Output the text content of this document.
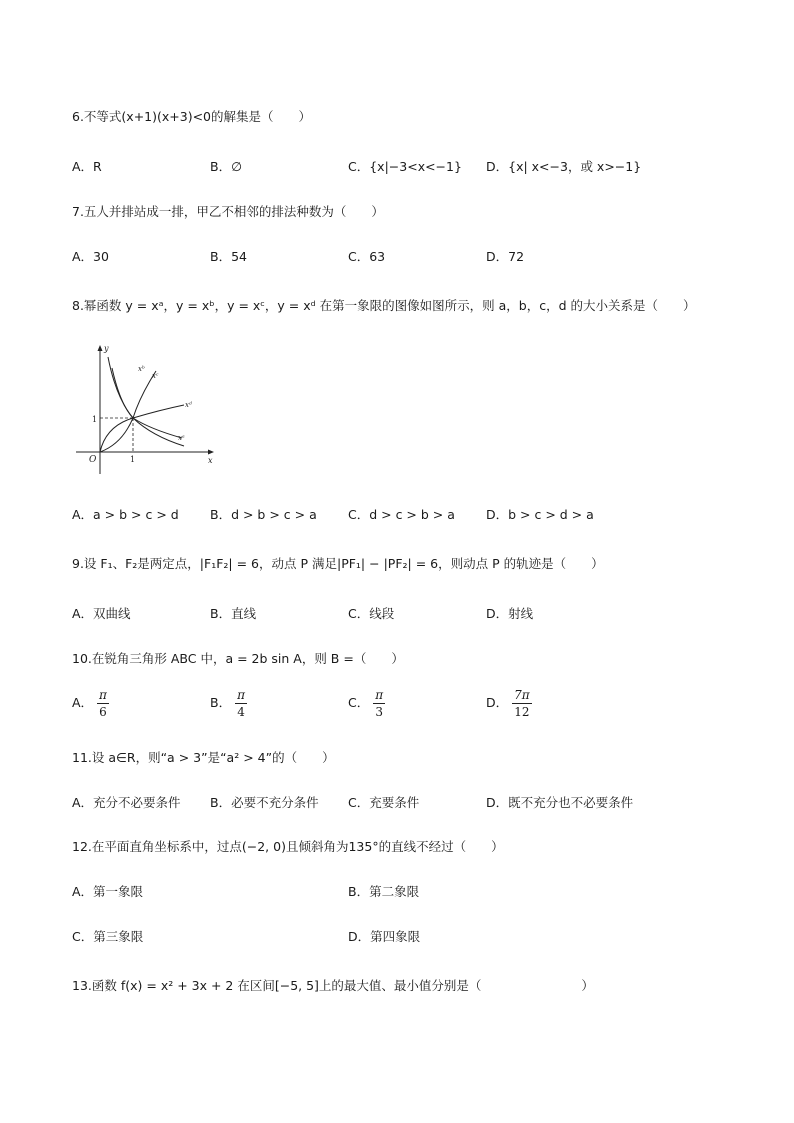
6.不等式(x+1)(x+3)<0的解集是（　　）
A．R	B．∅	C．{x|−3<x<−1} D．{x| x<−3，或 x>−1}
7.五人并排站成一排，甲乙不相邻的排法种数为（　　）
A．30	B．54	C．63	D．72
8.幂函数 y = xᵃ，y = xᵇ，y = xᶜ，y = xᵈ 在第一象限的图像如图所示，则 a，b，c，d 的大小关系是（　　）
y
x
O	1
1
xᵇ
xᶜ
xᵈ
xᵃ
A．a > b > c > d	B．d > b > c > a	C．d > c > b > a D．b > c > d > a
9.设 F₁、F₂是两定点，|F₁F₂| = 6，动点 P 满足|PF₁| − |PF₂| = 6，则动点 P 的轨迹是（　　）
A．双曲线	B．直线	C．线段	D．射线
10.在锐角三角形 ABC 中，a = 2b sin A，则 B =（　　）
A． $\frac{\pi}{6}$	B． $\frac{\pi}{4}$	C． $\frac{\pi}{3}$	D． $\frac{7\pi}{12}$
11.设 a∈R，则“a > 3”是“a² > 4”的（　　）
A．充分不必要条件 B．必要不充分条件 C．充要条件	D．既不充分也不必要条件
12.在平面直角坐标系中，过点(−2, 0)且倾斜角为135°的直线不经过（　　）
A．第一象限	B．第二象限
C．第三象限	D．第四象限
13.函数 f(x) = x² + 3x + 2 在区间[−5, 5]上的最大值、最小值分别是（　　　　　　　　）
